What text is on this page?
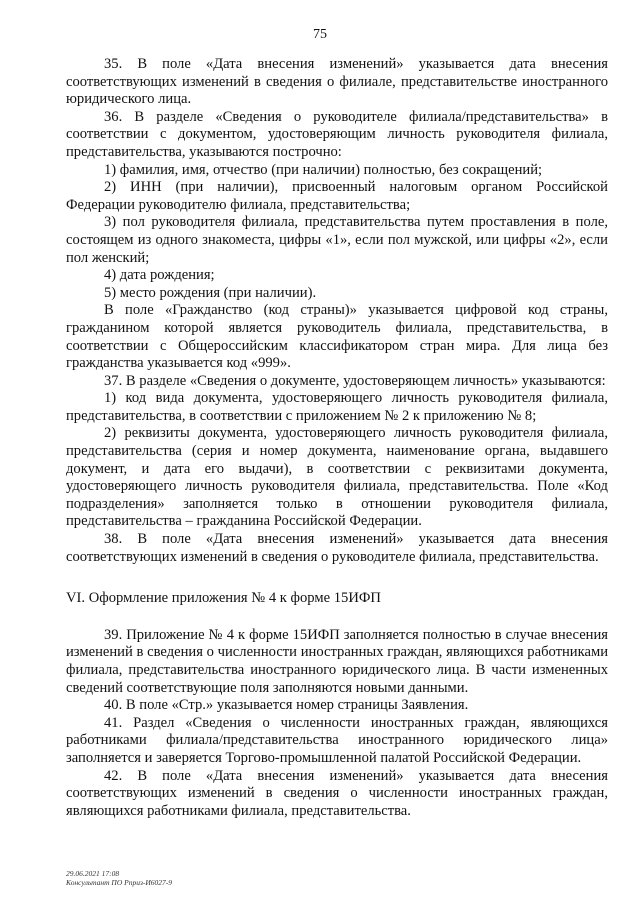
75

35. В поле «Дата внесения изменений» указывается дата внесения соответствующих изменений в сведения о филиале, представительстве иностранного юридического лица.

36. В разделе «Сведения о руководителе филиала/представительства» в соответствии с документом, удостоверяющим личность руководителя филиала, представительства, указываются построчно:

1) фамилия, имя, отчество (при наличии) полностью, без сокращений;

2) ИНН (при наличии), присвоенный налоговым органом Российской Федерации руководителю филиала, представительства;

3) пол руководителя филиала, представительства путем проставления в поле, состоящем из одного знакоместа, цифры «1», если пол мужской, или цифры «2», если пол женский;

4) дата рождения;

5) место рождения (при наличии).

В поле «Гражданство (код страны)» указывается цифровой код страны, гражданином которой является руководитель филиала, представительства, в соответствии с Общероссийским классификатором стран мира. Для лица без гражданства указывается код «999».

37. В разделе «Сведения о документе, удостоверяющем личность» указываются:

1) код вида документа, удостоверяющего личность руководителя филиала, представительства, в соответствии с приложением № 2 к приложению № 8;

2) реквизиты документа, удостоверяющего личность руководителя филиала, представительства (серия и номер документа, наименование органа, выдавшего документ, и дата его выдачи), в соответствии с реквизитами документа, удостоверяющего личность руководителя филиала, представительства. Поле «Код подразделения» заполняется только в отношении руководителя филиала, представительства – гражданина Российской Федерации.

38. В поле «Дата внесения изменений» указывается дата внесения соответствующих изменений в сведения о руководителе филиала, представительства.

VI. Оформление приложения № 4 к форме 15ИФП

39. Приложение № 4 к форме 15ИФП заполняется полностью в случае внесения изменений в сведения о численности иностранных граждан, являющихся работниками филиала, представительства иностранного юридического лица. В части измененных сведений соответствующие поля заполняются новыми данными.

40. В поле «Стр.» указывается номер страницы Заявления.

41. Раздел «Сведения о численности иностранных граждан, являющихся работниками филиала/представительства иностранного юридического лица» заполняется и заверяется Торгово-промышленной палатой Российской Федерации.

42. В поле «Дата внесения изменений» указывается дата внесения соответствующих изменений в сведения о численности иностранных граждан, являющихся работниками филиала, представительства.

29.06.2021 17:08
Консультант ПО Рприз-И6027-9
